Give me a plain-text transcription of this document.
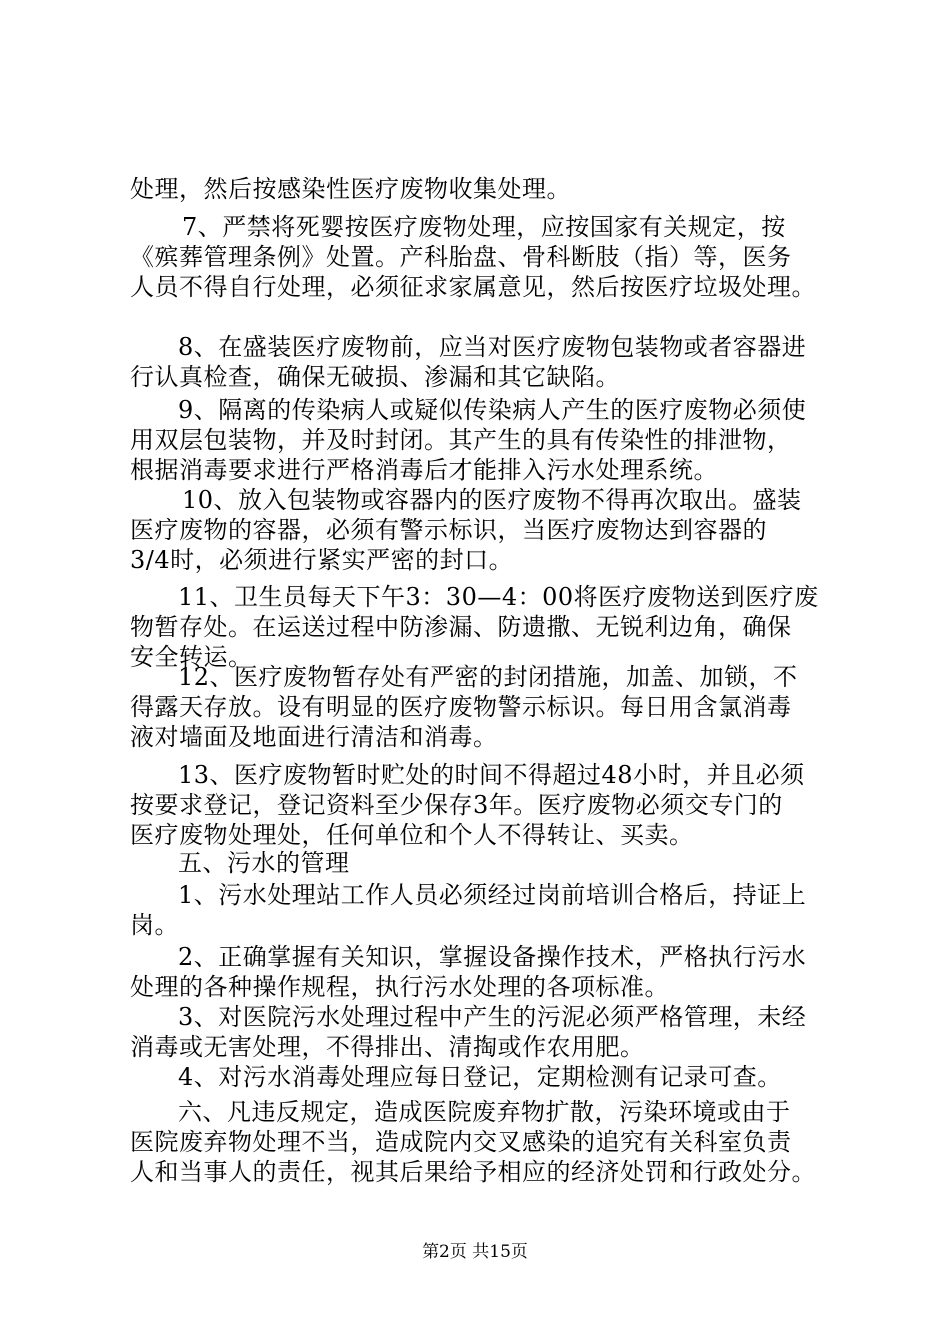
处理，然后按感染性医疗废物收集处理。
7、严禁将死婴按医疗废物处理，应按国家有关规定，按
《殡葬管理条例》处置。产科胎盘、骨科断肢（指）等，医务
人员不得自行处理，必须征求家属意见，然后按医疗垃圾处理。
8、在盛装医疗废物前，应当对医疗废物包装物或者容器进
行认真检查，确保无破损、渗漏和其它缺陷。
9、隔离的传染病人或疑似传染病人产生的医疗废物必须使
用双层包装物，并及时封闭。其产生的具有传染性的排泄物，
根据消毒要求进行严格消毒后才能排入污水处理系统。
10、放入包装物或容器内的医疗废物不得再次取出。盛装
医疗废物的容器，必须有警示标识，当医疗废物达到容器的
3/4时，必须进行紧实严密的封口。
11、卫生员每天下午3：30—4：00将医疗废物送到医疗废
物暂存处。在运送过程中防渗漏、防遗撒、无锐利边角，确保
安全转运。
12、医疗废物暂存处有严密的封闭措施，加盖、加锁，不
得露天存放。设有明显的医疗废物警示标识。每日用含氯消毒
液对墙面及地面进行清洁和消毒。
13、医疗废物暂时贮处的时间不得超过48小时，并且必须
按要求登记，登记资料至少保存3年。医疗废物必须交专门的
医疗废物处理处，任何单位和个人不得转让、买卖。
五、污水的管理
1、污水处理站工作人员必须经过岗前培训合格后，持证上
岗。
2、正确掌握有关知识，掌握设备操作技术，严格执行污水
处理的各种操作规程，执行污水处理的各项标准。
3、对医院污水处理过程中产生的污泥必须严格管理，未经
消毒或无害处理，不得排出、清掏或作农用肥。
4、对污水消毒处理应每日登记，定期检测有记录可查。
六、凡违反规定，造成医院废弃物扩散，污染环境或由于
医院废弃物处理不当，造成院内交叉感染的追究有关科室负责
人和当事人的责任，视其后果给予相应的经济处罚和行政处分。
第2页 共15页
